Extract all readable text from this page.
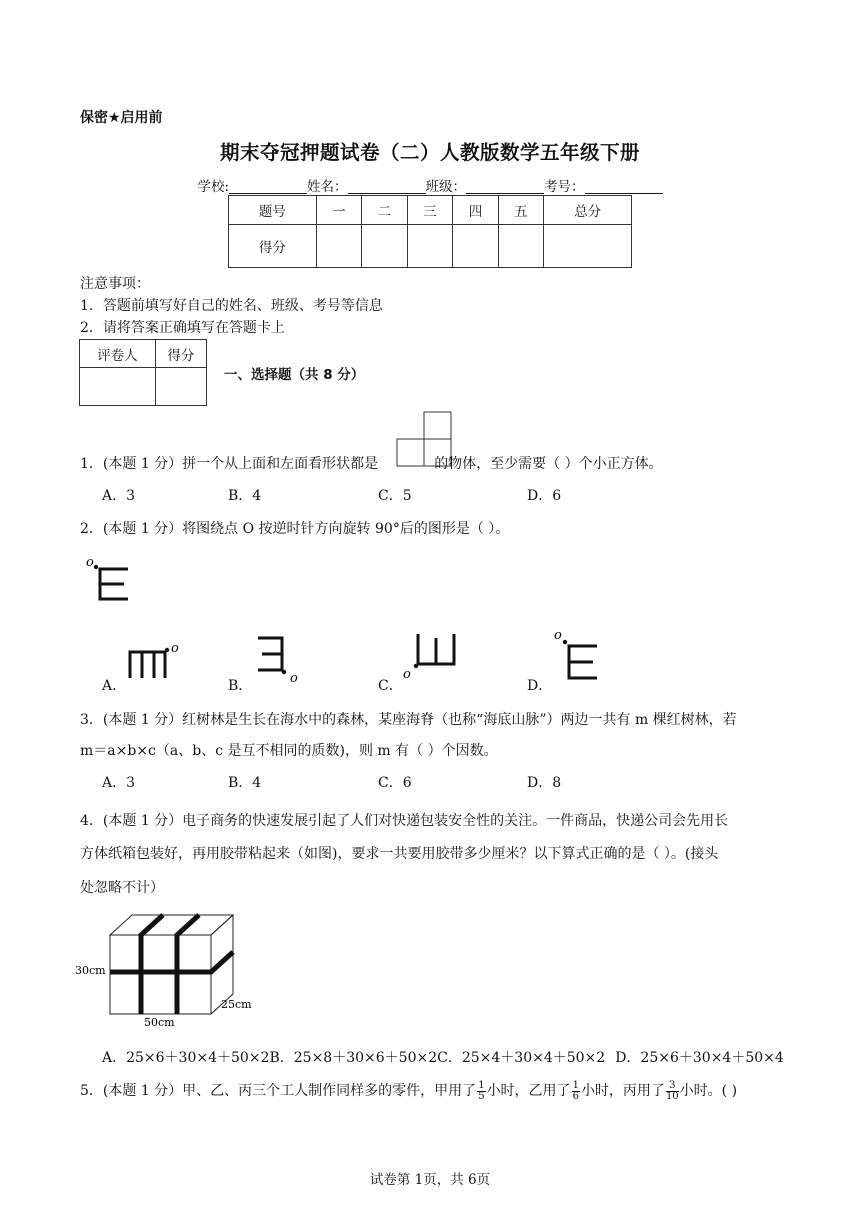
保密★启用前
期末夺冠押题试卷（二）人教版数学五年级下册
学校:	姓名：	班级：	考号：
题号	一	二	三	四	五	总分
得分						
注意事项：
1．答题前填写好自己的姓名、班级、考号等信息
2．请将答案正确填写在答题卡上
评卷人	得分

一、选择题（共 8 分）
1．(本题 1 分）拼一个从上面和左面看形状都是	的物体，至少需要（ ）个小正方体。
A．3	B．4	C．5	D．6
2．(本题 1 分）将图绕点 O 按逆时针方向旋转 90°后的图形是（ ）。
o
A．
o
B．	o	C．
o
D．
o
3．(本题 1 分）红树林是生长在海水中的森林，某座海脊（也称“海底山脉”）两边一共有 m 棵红树林，若
m＝a×b×c（a、b、c 是互不相同的质数)，则 m 有（ ）个因数。
A．3	B．4	C．6	D．8
4．(本题 1 分）电子商务的快速发展引起了人们对快递包装安全性的关注。一件商品，快递公司会先用长
方体纸箱包装好，再用胶带粘起来（如图)，要求一共要用胶带多少厘米？以下算式正确的是（ ）。(接头
处忽略不计）
30cm
50cm
25cm
A．25×6＋30×4＋50×2B．25×8＋30×6＋50×2C．25×4＋30×4＋50×2 D．25×6＋30×4＋50×4
5．(本题 1 分）甲、乙、丙三个工人制作同样多的零件，甲用了 $\frac{1}{5}$ 小时，乙用了 $\frac{1}{6}$ 小时，丙用了 $\frac{3}{10}$ 小时。( )
试卷第 1页，共 6页
